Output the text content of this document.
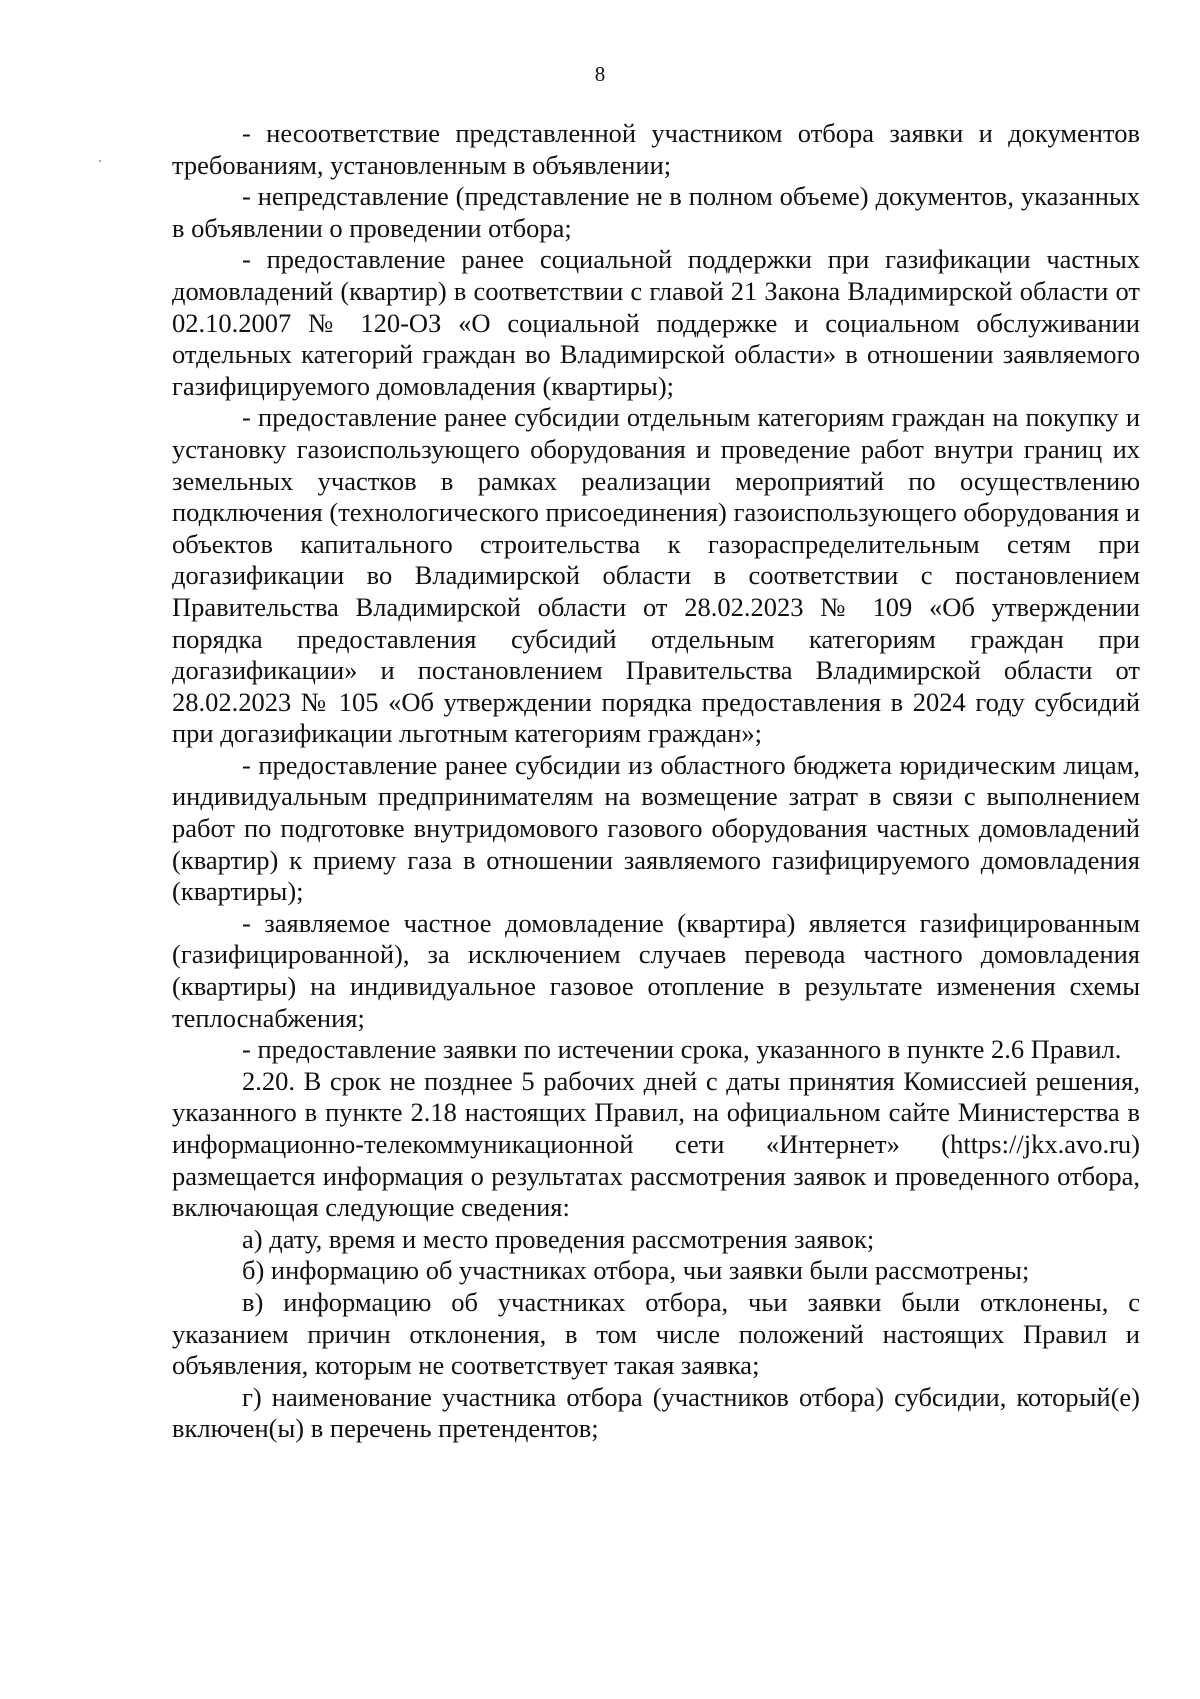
8

- несоответствие представленной участником отбора заявки и документов требованиям, установленным в объявлении;

- непредставление (представление не в полном объеме) документов, указанных в объявлении о проведении отбора;

- предоставление ранее социальной поддержки при газификации частных домовладений (квартир) в соответствии с главой 21 Закона Владимирской области от 02.10.2007 № 120-ОЗ «О социальной поддержке и социальном обслуживании отдельных категорий граждан во Владимирской области» в отношении заявляемого газифицируемого домовладения (квартиры);

- предоставление ранее субсидии отдельным категориям граждан на покупку и установку газоиспользующего оборудования и проведение работ внутри границ их земельных участков в рамках реализации мероприятий по осуществлению подключения (технологического присоединения) газоиспользующего оборудования и объектов капитального строительства к газораспределительным сетям при догазификации во Владимирской области в соответствии с постановлением Правительства Владимирской области от 28.02.2023 № 109 «Об утверждении порядка предоставления субсидий отдельным категориям граждан при догазификации» и постановлением Правительства Владимирской области от 28.02.2023 № 105 «Об утверждении порядка предоставления в 2024 году субсидий при догазификации льготным категориям граждан»;

- предоставление ранее субсидии из областного бюджета юридическим лицам, индивидуальным предпринимателям на возмещение затрат в связи с выполнением работ по подготовке внутридомового газового оборудования частных домовладений (квартир) к приему газа в отношении заявляемого газифицируемого домовладения (квартиры);

- заявляемое частное домовладение (квартира) является газифицированным (газифицированной), за исключением случаев перевода частного домовладения (квартиры) на индивидуальное газовое отопление в результате изменения схемы теплоснабжения;

- предоставление заявки по истечении срока, указанного в пункте 2.6 Правил.

2.20. В срок не позднее 5 рабочих дней с даты принятия Комиссией решения, указанного в пункте 2.18 настоящих Правил, на официальном сайте Министерства в информационно-телекоммуникационной сети «Интернет» (https://jkx.avo.ru) размещается информация о результатах рассмотрения заявок и проведенного отбора, включающая следующие сведения:

а) дату, время и место проведения рассмотрения заявок;

б) информацию об участниках отбора, чьи заявки были рассмотрены;

в) информацию об участниках отбора, чьи заявки были отклонены, с указанием причин отклонения, в том числе положений настоящих Правил и объявления, которым не соответствует такая заявка;

г) наименование участника отбора (участников отбора) субсидии, который(е) включен(ы) в перечень претендентов;
